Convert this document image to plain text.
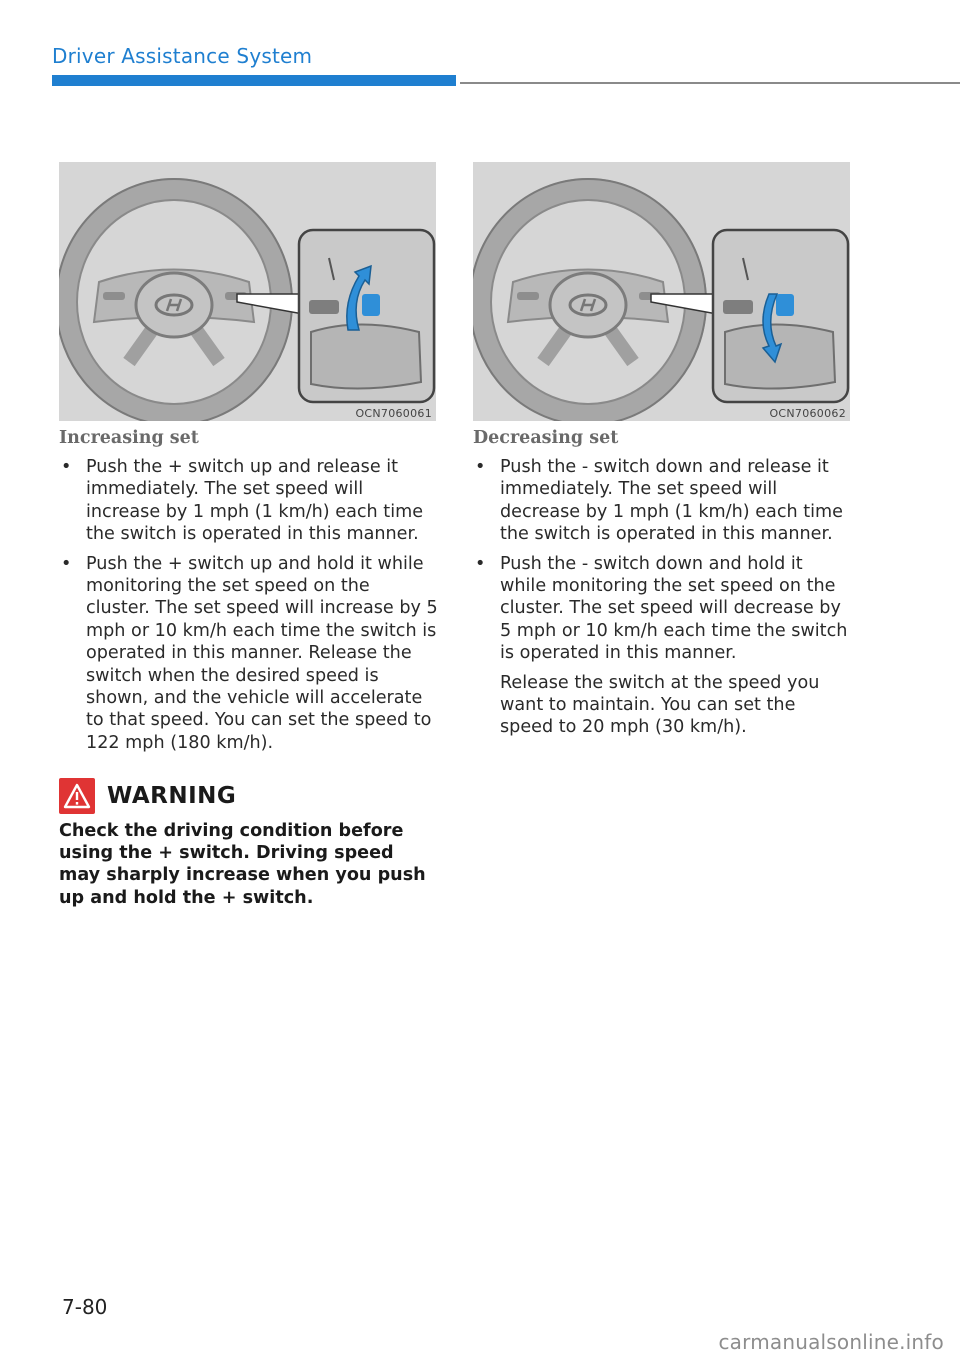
Driver Assistance System
OCN7060061	OCN7060062
Increasing set
• Push the + switch up and release it immediately. The set speed will increase by 1 mph (1 km/h) each time the switch is operated in this manner.
• Push the + switch up and hold it while monitoring the set speed on the cluster. The set speed will increase by 5 mph or 10 km/h each time the switch is operated in this manner. Release the switch when the desired speed is shown, and the vehicle will accelerate to that speed. You can set the speed to 122 mph (180 km/h).
Decreasing set
• Push the - switch down and release it immediately. The set speed will decrease by 1 mph (1 km/h) each time the switch is operated in this manner.
• Push the - switch down and hold it while monitoring the set speed on the cluster. The set speed will decrease by 5 mph or 10 km/h each time the switch is operated in this manner.
Release the switch at the speed you want to maintain. You can set the speed to 20 mph (30 km/h).
WARNING
Check the driving condition before using the + switch. Driving speed may sharply increase when you push up and hold the + switch.
7-80
carmanualsonline.info
